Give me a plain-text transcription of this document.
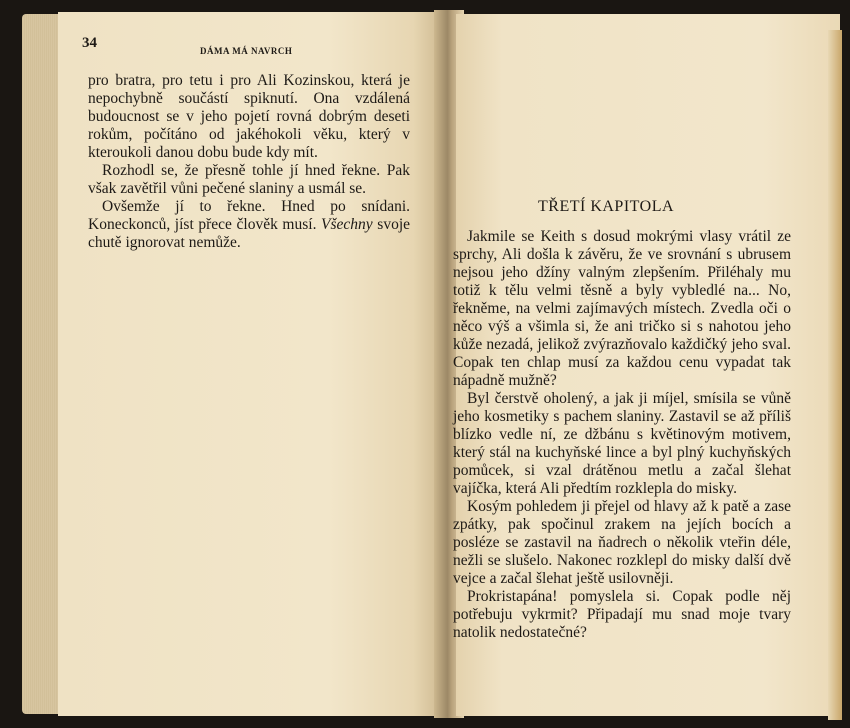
34	DÁMA MÁ NAVRCH

pro bratra, pro tetu i pro Ali Kozinskou, která je nepochybně součástí spiknutí. Ona vzdálená budoucnost se v jeho pojetí rovná dobrým deseti rokům, počítáno od jakéhokoli věku, který v kteroukoli danou dobu bude kdy mít.

Rozhodl se, že přesně tohle jí hned řekne. Pak však zavětřil vůni pečené slaniny a usmál se.

Ovšemže jí to řekne. Hned po snídani. Koneckonců, jíst přece člověk musí. Všechny svoje chutě ignorovat nemůže.

TŘETÍ KAPITOLA

Jakmile se Keith s dosud mokrými vlasy vrátil ze sprchy, Ali došla k závěru, že ve srovnání s ubrusem nejsou jeho džíny valným zlepšením. Přiléhaly mu totiž k tělu velmi těsně a byly vybledlé na... No, řekněme, na velmi zajímavých místech. Zvedla oči o něco výš a všimla si, že ani tričko si s nahotou jeho kůže nezadá, jelikož zvýrazňovalo každičký jeho sval. Copak ten chlap musí za každou cenu vypadat tak nápadně mužně?

Byl čerstvě oholený, a jak ji míjel, smísila se vůně jeho kosmetiky s pachem slaniny. Zastavil se až příliš blízko vedle ní, ze džbánu s květinovým motivem, který stál na kuchyňské lince a byl plný kuchyňských pomůcek, si vzal drátěnou metlu a začal šlehat vajíčka, která Ali předtím rozklepla do misky.

Kosým pohledem ji přejel od hlavy až k patě a zase zpátky, pak spočinul zrakem na jejích bocích a posléze se zastavil na ňadrech o několik vteřin déle, nežli se slušelo. Nakonec rozklepl do misky další dvě vejce a začal šlehat ještě usilovněji.

Prokristapána! pomyslela si. Copak podle něj potřebuju vykrmit? Připadají mu snad moje tvary natolik nedostatečné?
